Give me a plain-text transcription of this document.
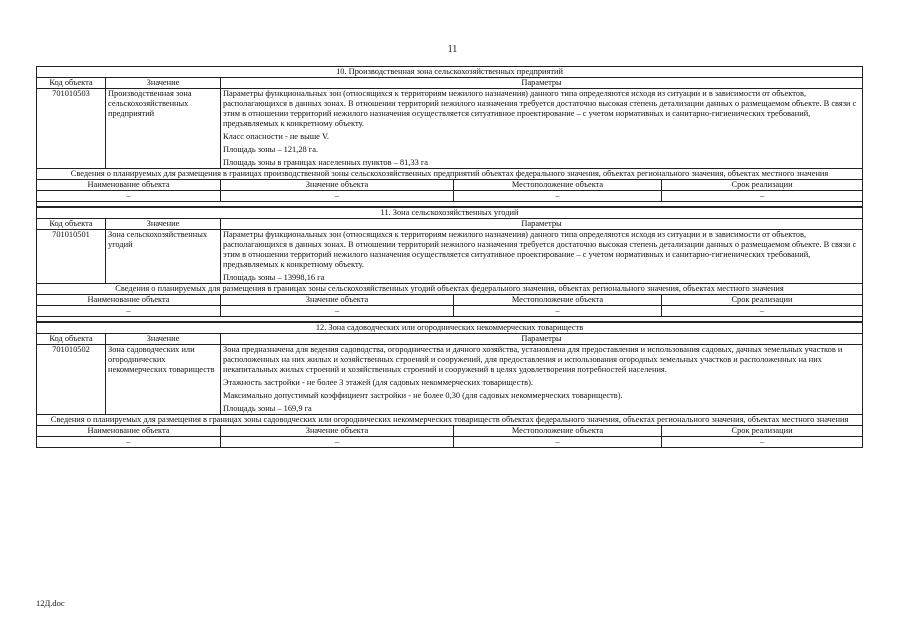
11
10. Производственная зона сельскохозяйственных предприятий				
Код объекта	Значение	Параметры		
701010503	Производственная зона сельскохозяйственных предприятий	Параметры функциональных зон (относящихся к территориям нежилого назначения) данного типа определяются исходя из ситуации и в зависимости от объектов, располагающихся в данных зонах. В отношении территорий нежилого назначения требуется достаточно высокая степень детализации данных о размещаемом объекте. В связи с этим в отношении территорий нежилого назначения осуществляется ситуативное проектирование – с учетом нормативных и санитарно-гигиенических требований, предъявляемых к конкретному объекту.

Класс опасности - не выше V.

Площадь зоны – 121,28 га.

Площадь зоны в границах населенных пунктов – 81,33 га		

Сведения о планируемых для размещения в границах производственной зоны сельскохозяйственных предприятий объектах федерального значения, объектах регионального значения, объектах местного значения				
Наименование объекта		Значение объекта	Местоположение объекта	Срок реализации
–		–	–	–

11. Зона сельскохозяйственных угодий				
Код объекта	Значение	Параметры		
701010501	Зона сельскохозяйственных угодий	Параметры функциональных зон (относящихся к территориям нежилого назначения) данного типа определяются исходя из ситуации и в зависимости от объектов, располагающихся в данных зонах. В отношении территорий нежилого назначения требуется достаточно высокая степень детализации данных о размещаемом объекте. В связи с этим в отношении территорий нежилого назначения осуществляется ситуативное проектирование – с учетом нормативных и санитарно-гигиенических требований, предъявляемых к конкретному объекту.

Площадь зоны – 13998,16 га		

Сведения о планируемых для размещения в границах зоны сельскохозяйственных угодий объектах федерального значения, объектах регионального значения, объектах местного значения				
Наименование объекта		Значение объекта	Местоположение объекта	Срок реализации
–		–	–	–

12. Зона садоводческих или огороднических некоммерческих товариществ				
Код объекта	Значение	Параметры		
701010502	Зона садоводческих или огороднических некоммерческих товариществ	Зона предназначена для ведения садоводства, огородничества и дачного хозяйства, установлена для предоставления и использования садовых, дачных земельных участков и расположенных на них жилых и хозяйственных строений и сооружений, для предоставления и использования огородных земельных участков и расположенных на них некапитальных жилых строений и хозяйственных строений и сооружений в целях удовлетворения потребностей населения.

Этажность застройки - не более 3 этажей (для садовых некоммерческих товариществ).

Максимально допустимый коэффициент застройки - не более 0,30 (для садовых некоммерческих товариществ).

Площадь зоны – 169,9 га		

Сведения о планируемых для размещения в границах зоны садоводческих или огороднических некоммерческих товариществ объектах федерального значения, объектах регионального значения, объектах местного значения				
Наименование объекта		Значение объекта	Местоположение объекта	Срок реализации
–		–	–	–
12Д.doc
